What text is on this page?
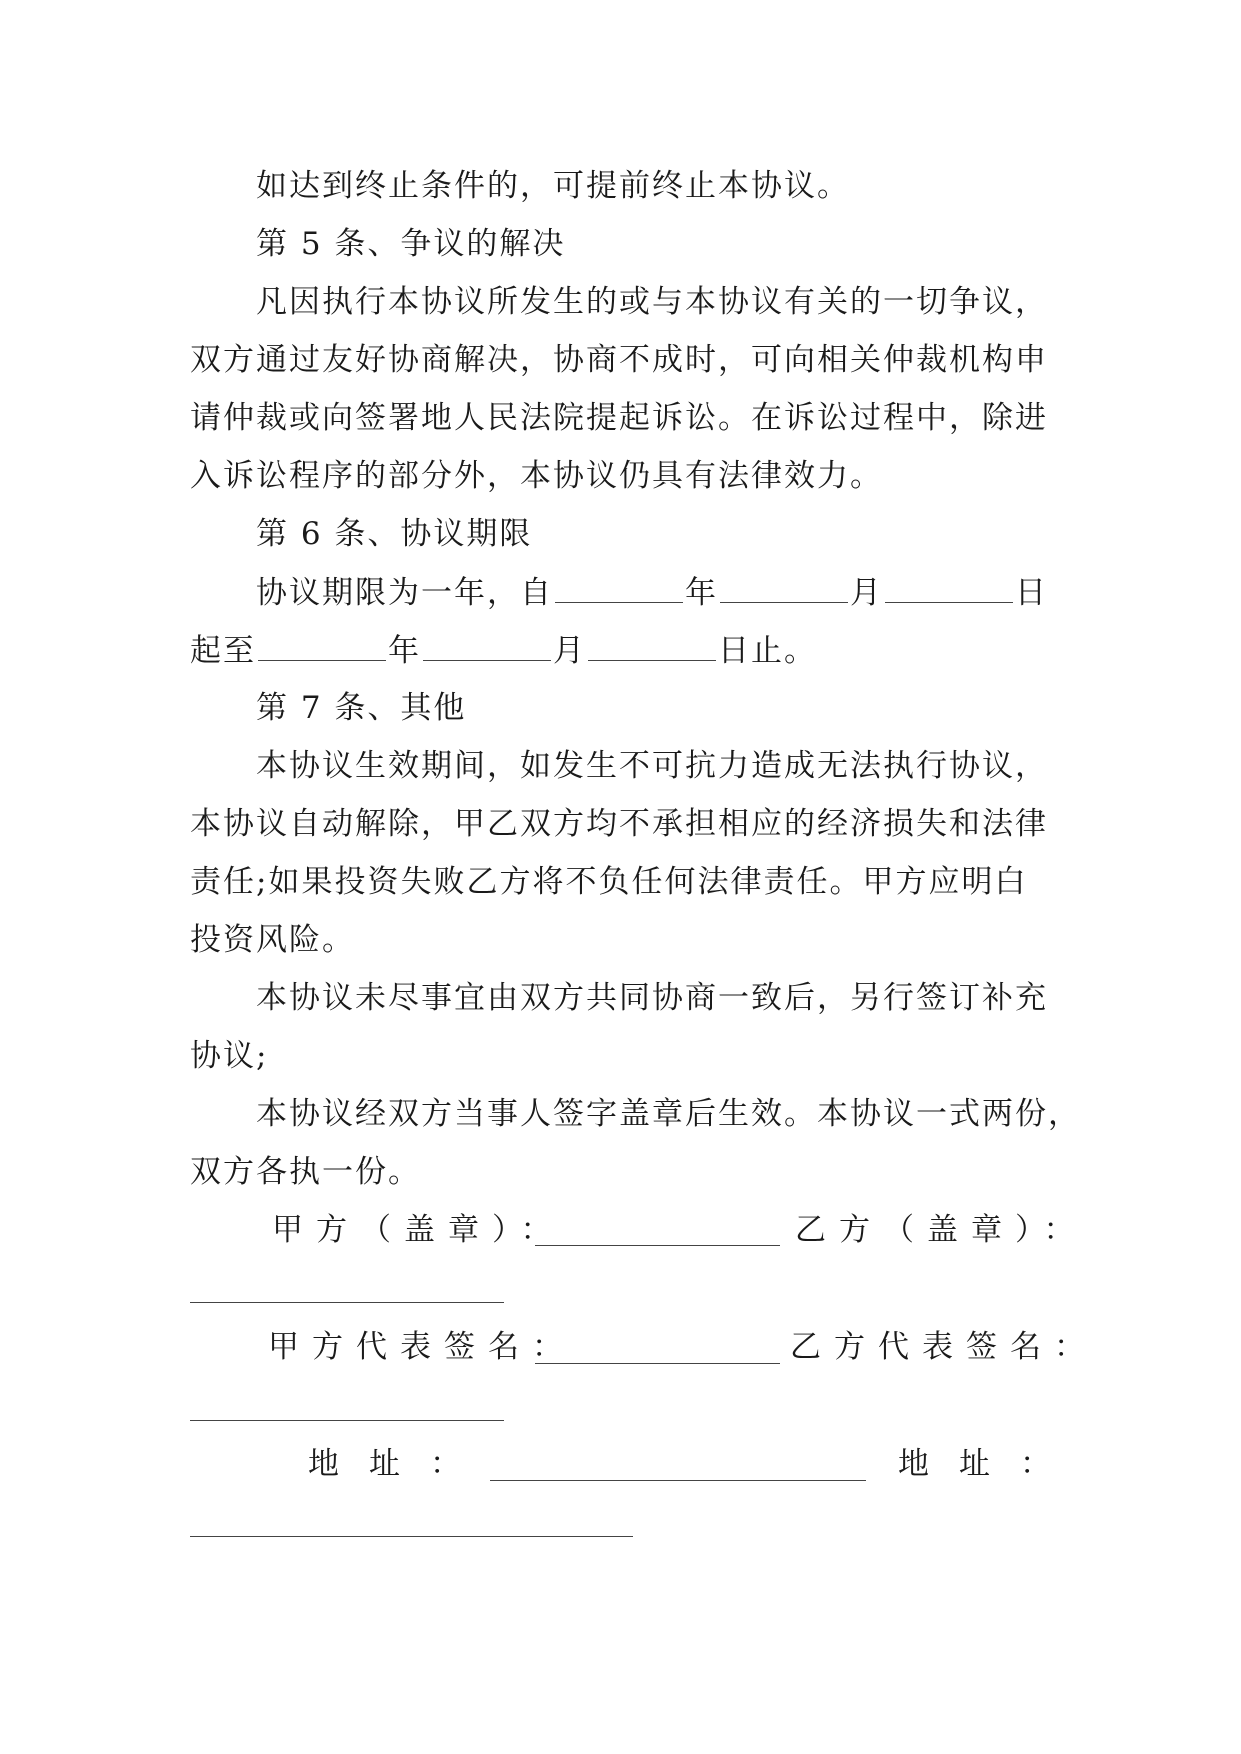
如达到终止条件的，可提前终止本协议。

第 5 条、争议的解决

凡因执行本协议所发生的或与本协议有关的一切争议，

双方通过友好协商解决，协商不成时，可向相关仲裁机构申

请仲裁或向签署地人民法院提起诉讼。在诉讼过程中，除进

入诉讼程序的部分外，本协议仍具有法律效力。

第 6 条、协议期限

协议期限为一年，自	年	月	日

起至	年	月	日止。

第 7 条、其他

本协议生效期间，如发生不可抗力造成无法执行协议，

本协议自动解除，甲乙双方均不承担相应的经济损失和法律

责任;如果投资失败乙方将不负任何法律责任。甲方应明白

投资风险。

本协议未尽事宜由双方共同协商一致后，另行签订补充

协议;

本协议经双方当事人签字盖章后生效。本协议一式两份，

双方各执一份。

甲方（盖章）：	乙方（盖章）：

甲方代表签名：	乙方代表签名：

地址：	地址：
